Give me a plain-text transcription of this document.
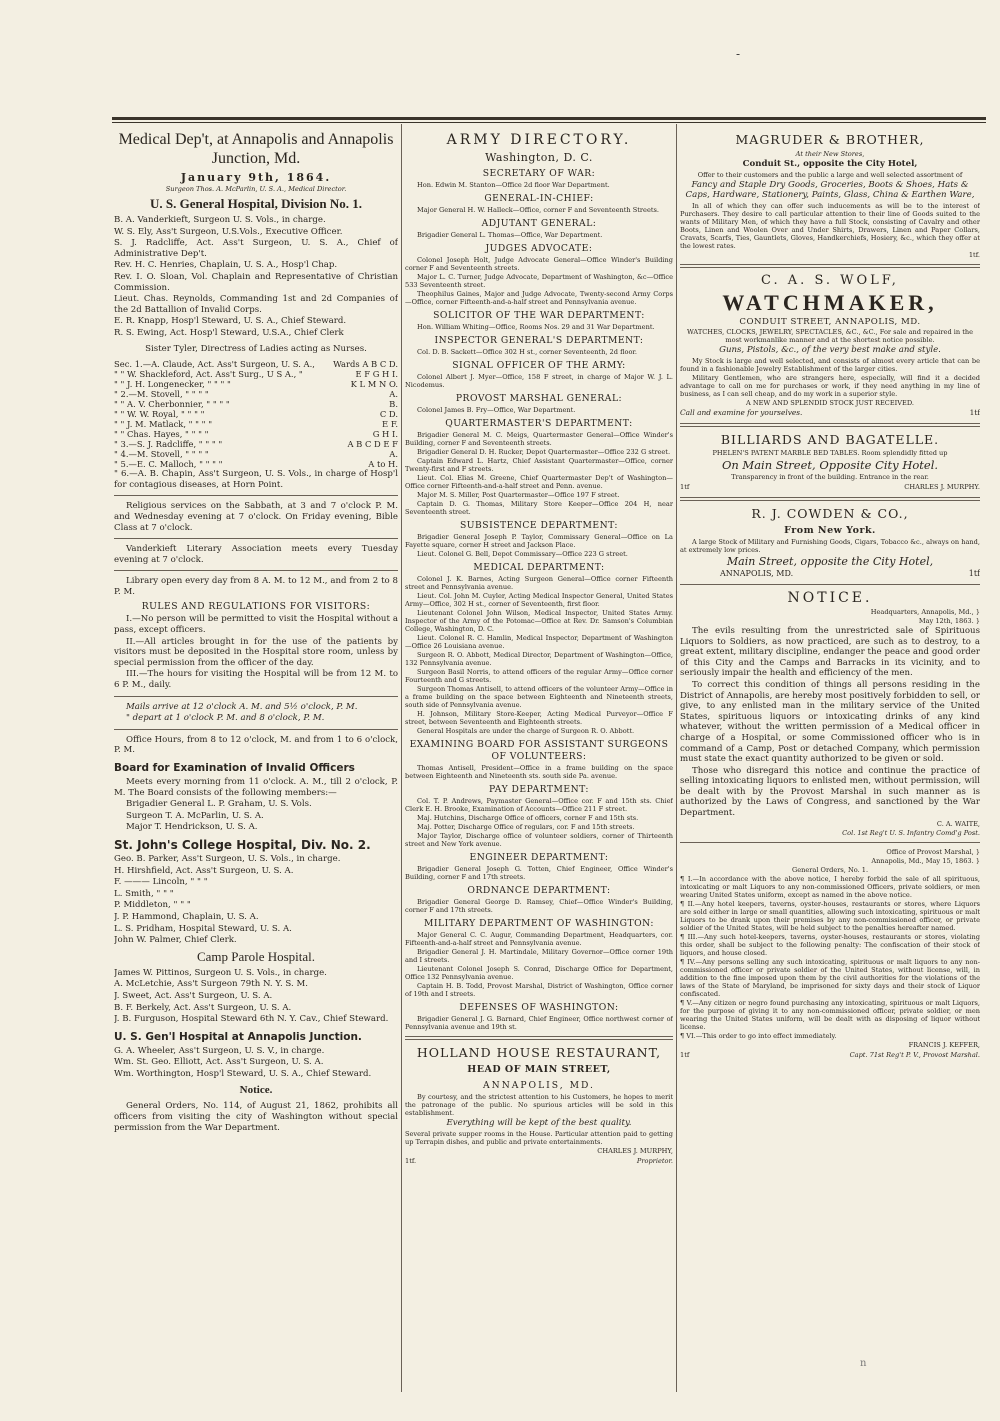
-
Medical Dep't, at Annapolis and Annapolis Junction, Md.
January 9th, 1864.
Surgeon Thos. A. McParlin, U. S. A., Medical Director.
U. S. General Hospital, Division No. 1.
B. A. Vanderkieft, Surgeon U. S. Vols., in charge.
W. S. Ely, Ass't Surgeon, U.S.Vols., Executive Officer.
S. J. Radcliffe, Act. Ass't Surgeon, U. S. A., Chief of Administrative Dep't.
Rev. H. C. Henries, Chaplain, U. S. A., Hosp'l Chap.
Rev. I. O. Sloan, Vol. Chaplain and Representative of Christian Commission.
Lieut. Chas. Reynolds, Commanding 1st and 2d Companies of the 2d Battallion of Invalid Corps.
E. R. Knapp, Hosp'l Steward, U. S. A., Chief Steward.
R. S. Ewing, Act. Hosp'l Steward, U.S.A., Chief Clerk
Sister Tyler, Directress of Ladies acting as Nurses.
Sec. 1.—A. Claude, Act. Ass't Surgeon, U. S. A., Wards A B C D.
" " W. Shackleford, Act. Ass't Surg., U S A., "	E F G H I.
" " J. H. Longenecker, " " " "	K L M N O.
" 2.—M. Stovell, " " " "	A.
" " A. V. Cherbonnier, " " " "	B.
" " W. W. Royal, " " " "	C D.
" " J. M. Matlack, " " " "	E F.
" " Chas. Hayes, " " " "	G H I.
" 3.—S. J. Radcliffe, " " " "	A B C D E F
" 4.—M. Stovell, " " " "	A.
" 5.—E. C. Malloch, " " " "	A to H.
" 6.—A. B. Chapin, Ass't Surgeon, U. S. Vols., in charge of Hosp'l for contagious diseases, at Horn Point.
Religious services on the Sabbath, at 3 and 7 o'clock P. M. and Wednesday evening at 7 o'clock. On Friday evening, Bible Class at 7 o'clock.
Vanderkieft Literary Association meets every Tuesday evening at 7 o'clock.
Library open every day from 8 A. M. to 12 M., and from 2 to 8 P. M.
RULES AND REGULATIONS FOR VISITORS:
I.—No person will be permitted to visit the Hospital without a pass, except officers.
II.—All articles brought in for the use of the patients by visitors must be deposited in the Hospital store room, unless by special permission from the officer of the day.
III.—The hours for visiting the Hospital will be from 12 M. to 6 P. M., daily.
Mails arrive at 12 o'clock A. M. and 5½ o'clock, P. M.
" depart at 1 o'clock P. M. and 8 o'clock, P. M.
Office Hours, from 8 to 12 o'clock, M. and from 1 to 6 o'clock, P. M.
Board for Examination of Invalid Officers
Meets every morning from 11 o'clock. A. M., till 2 o'clock, P. M. The Board consists of the following members:—
Brigadier General L. P. Graham, U. S. Vols.
Surgeon T. A. McParlin, U. S. A.
Major T. Hendrickson, U. S. A.
St. John's College Hospital, Div. No. 2.
Geo. B. Parker, Ass't Surgeon, U. S. Vols., in charge.
H. Hirshfield, Act. Ass't Surgeon, U. S. A.
F. ——— Lincoln, " " "
L. Smith, " " "
P. Middleton, " " "
J. P. Hammond, Chaplain, U. S. A.
L. S. Pridham, Hospital Steward, U. S. A.
John W. Palmer, Chief Clerk.
Camp Parole Hospital.
James W. Pittinos, Surgeon U. S. Vols., in charge.
A. McLetchie, Ass't Surgeon 79th N. Y. S. M.
J. Sweet, Act. Ass't Surgeon, U. S. A.
B. F. Berkely, Act. Ass't Surgeon, U. S. A.
J. B. Furguson, Hospital Steward 6th N. Y. Cav., Chief Steward.
U. S. Gen'l Hospital at Annapolis Junction.
G. A. Wheeler, Ass't Surgeon, U. S. V., in charge.
Wm. St. Geo. Elliott, Act. Ass't Surgeon, U. S. A.
Wm. Worthington, Hosp'l Steward, U. S. A., Chief Steward.
Notice.
General Orders, No. 114, of August 21, 1862, prohibits all officers from visiting the city of Washington without special permission from the War Department.
ARMY DIRECTORY.
Washington, D. C.
SECRETARY OF WAR:
Hon. Edwin M. Stanton—Office 2d floor War Department.
GENERAL-IN-CHIEF:
Major General H. W. Halleck—Office, corner F and Seventeenth Streets.
ADJUTANT GENERAL:
Brigadier General L. Thomas—Office, War Department.
JUDGES ADVOCATE:
Colonel Joseph Holt, Judge Advocate General—Office Winder's Building corner F and Seventeenth streets.
Major L. C. Turner, Judge Advocate, Department of Washington, &c—Office 533 Seventeenth street.
Theophilus Gaines, Major and Judge Advocate, Twenty-second Army Corps—Office, corner Fifteenth-and-a-half street and Pennsylvania avenue.
SOLICITOR OF THE WAR DEPARTMENT:
Hon. William Whiting—Office, Rooms Nos. 29 and 31 War Department.
INSPECTOR GENERAL'S DEPARTMENT:
Col. D. B. Sackett—Office 302 H st., corner Seventeenth, 2d floor.
SIGNAL OFFICER OF THE ARMY:
Colonel Albert J. Myer—Office, 158 F street, in charge of Major W. J. L. Nicodemus.
PROVOST MARSHAL GENERAL:
Colonel James B. Fry—Office, War Department.
QUARTERMASTER'S DEPARTMENT:
Brigadier General M. C. Meigs, Quartermaster General—Office Winder's Building, corner F and Seventeenth streets.
Brigadier General D. H. Rucker, Depot Quartermaster—Office 232 G street.
Captain Edward L. Hartz, Chief Assistant Quartermaster—Office, corner Twenty-first and F streets.
Lieut. Col. Elias M. Greene, Chief Quartermaster Dep't of Washington—Office corner Fifteenth-and-a-half street and Penn. avenue.
Major M. S. Miller, Post Quartermaster—Office 197 F street.
Captain D. G. Thomas, Military Store Keeper—Office 204 H, near Seventeenth street.
SUBSISTENCE DEPARTMENT:
Brigadier General Joseph P. Taylor, Commissary General—Office on La Fayette square, corner H street and Jackson Place.
Lieut. Colonel G. Bell, Depot Commissary—Office 223 G street.
MEDICAL DEPARTMENT:
Colonel J. K. Barnes, Acting Surgeon General—Office corner Fifteenth street and Pennsylvania avenue.
Lieut. Col. John M. Cuyler, Acting Medical Inspector General, United States Army—Office, 302 H st., corner of Seventeenth, first floor.
Lieutenant Colonel John Wilson, Medical Inspector, United States Army. Inspector of the Army of the Potomac—Office at Rev. Dr. Samson's Columbian College, Washington, D. C.
Lieut. Colonel R. C. Hamlin, Medical Inspector, Department of Washington—Office 26 Louisiana avenue.
Surgeon R. O. Abbott, Medical Director, Department of Washington—Office, 132 Pennsylvania avenue.
Surgeon Basil Norris, to attend officers of the regular Army—Office corner Fourteenth and G streets.
Surgeon Thomas Antisell, to attend officers of the volunteer Army—Office in a frame building on the space between Eighteenth and Nineteenth streets, south side of Pennsylvania avenue.
H. Johnson, Military Store-Keeper, Acting Medical Purveyor—Office F street, between Seventeenth and Eighteenth streets.
General Hospitals are under the charge of Surgeon R. O. Abbott.
EXAMINING BOARD FOR ASSISTANT SURGEONS OF VOLUNTEERS:
Thomas Antisell, President—Office in a frame building on the space between Eighteenth and Nineteenth sts. south side Pa. avenue.
PAY DEPARTMENT:
Col. T. P. Andrews, Paymaster General—Office cor. F and 15th sts. Chief Clerk E. H. Brooke, Examination of Accounts—Office 211 F street.
Maj. Hutchins, Discharge Office of officers, corner F and 15th sts.
Maj. Potter, Discharge Office of regulars, cor. F and 15th streets.
Major Taylor, Discharge office of volunteer soldiers, corner of Thirteenth street and New York avenue.
ENGINEER DEPARTMENT:
Brigadier General Joseph G. Totten, Chief Engineer, Office Winder's Building, corner F and 17th streets.
ORDNANCE DEPARTMENT:
Brigadier General George D. Ramsey, Chief—Office Winder's Building, corner F and 17th streets.
MILITARY DEPARTMENT OF WASHINGTON:
Major General C. C. Augur, Commanding Department, Headquarters, cor. Fifteenth-and-a-half street and Pennsylvania avenue.
Brigadier General J. H. Martindale, Military Governor—Office corner 19th and I streets.
Lieutenant Colonel Joseph S. Conrad, Discharge Office for Department, Office 132 Pennsylvania avenue.
Captain H. B. Todd, Provost Marshal, District of Washington, Office corner of 19th and I streets.
DEFENSES OF WASHINGTON:
Brigadier General J. G. Barnard, Chief Engineer, Office northwest corner of Pennsylvania avenue and 19th st.
HOLLAND HOUSE RESTAURANT,
HEAD OF MAIN STREET,
ANNAPOLIS, MD.
By courtesy, and the strictest attention to his Customers, he hopes to merit the patronage of the public. No spurious articles will be sold in this establishment.
Everything will be kept of the best quality.
Several private supper rooms in the House. Particular attention paid to getting up Terrapin dishes, and public and private entertainments.
CHARLES J. MURPHY,
1tf.	Proprietor.
MAGRUDER & BROTHER,
At their New Stores,
Conduit St., opposite the City Hotel,
Offer to their customers and the public a large and well selected assortment of
Fancy and Staple Dry Goods, Groceries, Boots & Shoes, Hats & Caps, Hardware, Stationery, Paints, Glass, China & Earthen Ware,
In all of which they can offer such inducements as will be to the interest of Purchasers. They desire to call particular attention to their line of Goods suited to the wants of Military Men, of which they have a full Stock, consisting of Cavalry and other Boots, Linen and Woolen Over and Under Shirts, Drawers, Linen and Paper Collars, Cravats, Scarfs, Ties, Gauntlets, Gloves, Handkerchiefs, Hosiery, &c., which they offer at the lowest rates.
1tf.
C. A. S. WOLF,
WATCHMAKER,
CONDUIT STREET, ANNAPOLIS, MD.
WATCHES, CLOCKS, JEWELRY, SPECTACLES, &C., &C., For sale and repaired in the most workmanlike manner and at the shortest notice possible.
Guns, Pistols, &c., of the very best make and style.
My Stock is large and well selected, and consists of almost every article that can be found in a fashionable Jewelry Establishment of the larger cities.
Military Gentlemen, who are strangers here, especially, will find it a decided advantage to call on me for purchases or work, if they need anything in my line of business, as I can sell cheap, and do my work in a superior style.
A NEW AND SPLENDID STOCK JUST RECEIVED.
Call and examine for yourselves.	1tf
BILLIARDS AND BAGATELLE.
PHELEN'S PATENT MARBLE BED TABLES. Room splendidly fitted up
On Main Street, Opposite City Hotel.
Transparency in front of the building. Entrance in the rear.
1tf	CHARLES J. MURPHY.
R. J. COWDEN & CO.,
From New York.
A large Stock of Military and Furnishing Goods, Cigars, Tobacco &c., always on hand, at extremely low prices.
Main Street, opposite the City Hotel,
ANNAPOLIS, MD.	1tf
NOTICE.
Headquarters, Annapolis, Md., }
May 12th, 1863. }
The evils resulting from the unrestricted sale of Spirituous Liquors to Soldiers, as now practiced, are such as to destroy, to a great extent, military discipline, endanger the peace and good order of this City and the Camps and Barracks in its vicinity, and to seriously impair the health and efficiency of the men.
To correct this condition of things all persons residing in the District of Annapolis, are hereby most positively forbidden to sell, or give, to any enlisted man in the military service of the United States, spirituous liquors or intoxicating drinks of any kind whatever, without the written permission of a Medical officer in charge of a Hospital, or some Commissioned officer who is in command of a Camp, Post or detached Company, which permission must state the exact quantity authorized to be given or sold.
Those who disregard this notice and continue the practice of selling intoxicating liquors to enlisted men, without permission, will be dealt with by the Provost Marshal in such manner as is authorized by the Laws of Congress, and sanctioned by the War Department.
C. A. WAITE,
Col. 1st Reg't U. S. Infantry Comd'g Post.
Office of Provost Marshal, }
Annapolis, Md., May 15, 1863. }
General Orders, No. 1.
¶ I.—In accordance with the above notice, I hereby forbid the sale of all spirituous, intoxicating or malt Liquors to any non-commissioned Officers, private soldiers, or men wearing United States uniform, except as named in the above notice.
¶ II.—Any hotel keepers, taverns, oyster-houses, restaurants or stores, where Liquors are sold either in large or small quantities, allowing such intoxicating, spirituous or malt Liquors to be drank upon their premises by any non-commissioned officer, or private soldier of the United States, will be held subject to the penalties hereafter named.
¶ III.—Any such hotel-keepers, taverns, oyster-houses, restaurants or stores, violating this order, shall be subject to the following penalty: The confiscation of their stock of liquors, and house closed.
¶ IV.—Any persons selling any such intoxicating, spirituous or malt liquors to any non-commissioned officer or private soldier of the United States, without license, will, in addition to the fine imposed upon them by the civil authorities for the violations of the laws of the State of Maryland, be imprisoned for sixty days and their stock of Liquor confiscated.
¶ V.—Any citizen or negro found purchasing any intoxicating, spirituous or malt Liquors, for the purpose of giving it to any non-commissioned officer, private soldier, or men wearing the United States uniform, will be dealt with as disposing of liquor without license.
¶ VI.—This order to go into effect immediately.
FRANCIS J. KEFFER,
1tf	Capt. 71st Reg't P. V., Provost Marshal.
n
